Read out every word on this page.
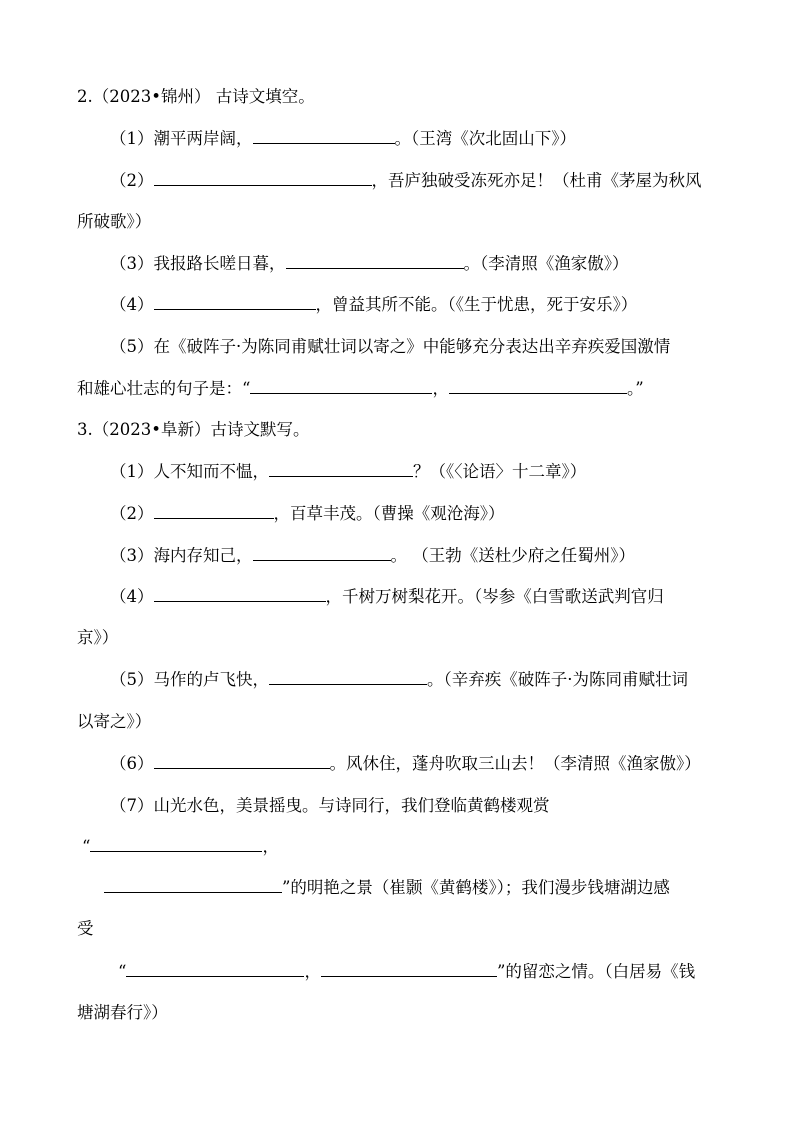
2.（2023•锦州） 古诗文填空。
（1）潮平两岸阔，	。（王湾《次北固山下》）
（2）	，吾庐独破受冻死亦足！（杜甫《茅屋为秋风
所破歌》）
（3）我报路长嗟日暮，	。（李清照《渔家傲》）
（4）	，曾益其所不能。（《生于忧患，死于安乐》）
（5）在《破阵子·为陈同甫赋壮词以寄之》中能够充分表达出辛弃疾爱国激情
和雄心壮志的句子是：“	，	。”
3.（2023•阜新）古诗文默写。
（1）人不知而不愠，	？（《〈论语〉十二章》）
（2）	，百草丰茂。（曹操《观沧海》）
（3）海内存知己，	。 （王勃《送杜少府之任蜀州》）
（4）	，千树万树梨花开。（岑参《白雪歌送武判官归
京》）
（5）马作的卢飞快，	。（辛弃疾《破阵子·为陈同甫赋壮词
以寄之》）
（6）	。风休住，蓬舟吹取三山去！（李清照《渔家傲》）
（7）山光水色，美景摇曳。与诗同行，我们登临黄鹤楼观赏
“	，
”的明艳之景（崔颢《黄鹤楼》）；我们漫步钱塘湖边感
受
“	，	”的留恋之情。（白居易《钱
塘湖春行》）
